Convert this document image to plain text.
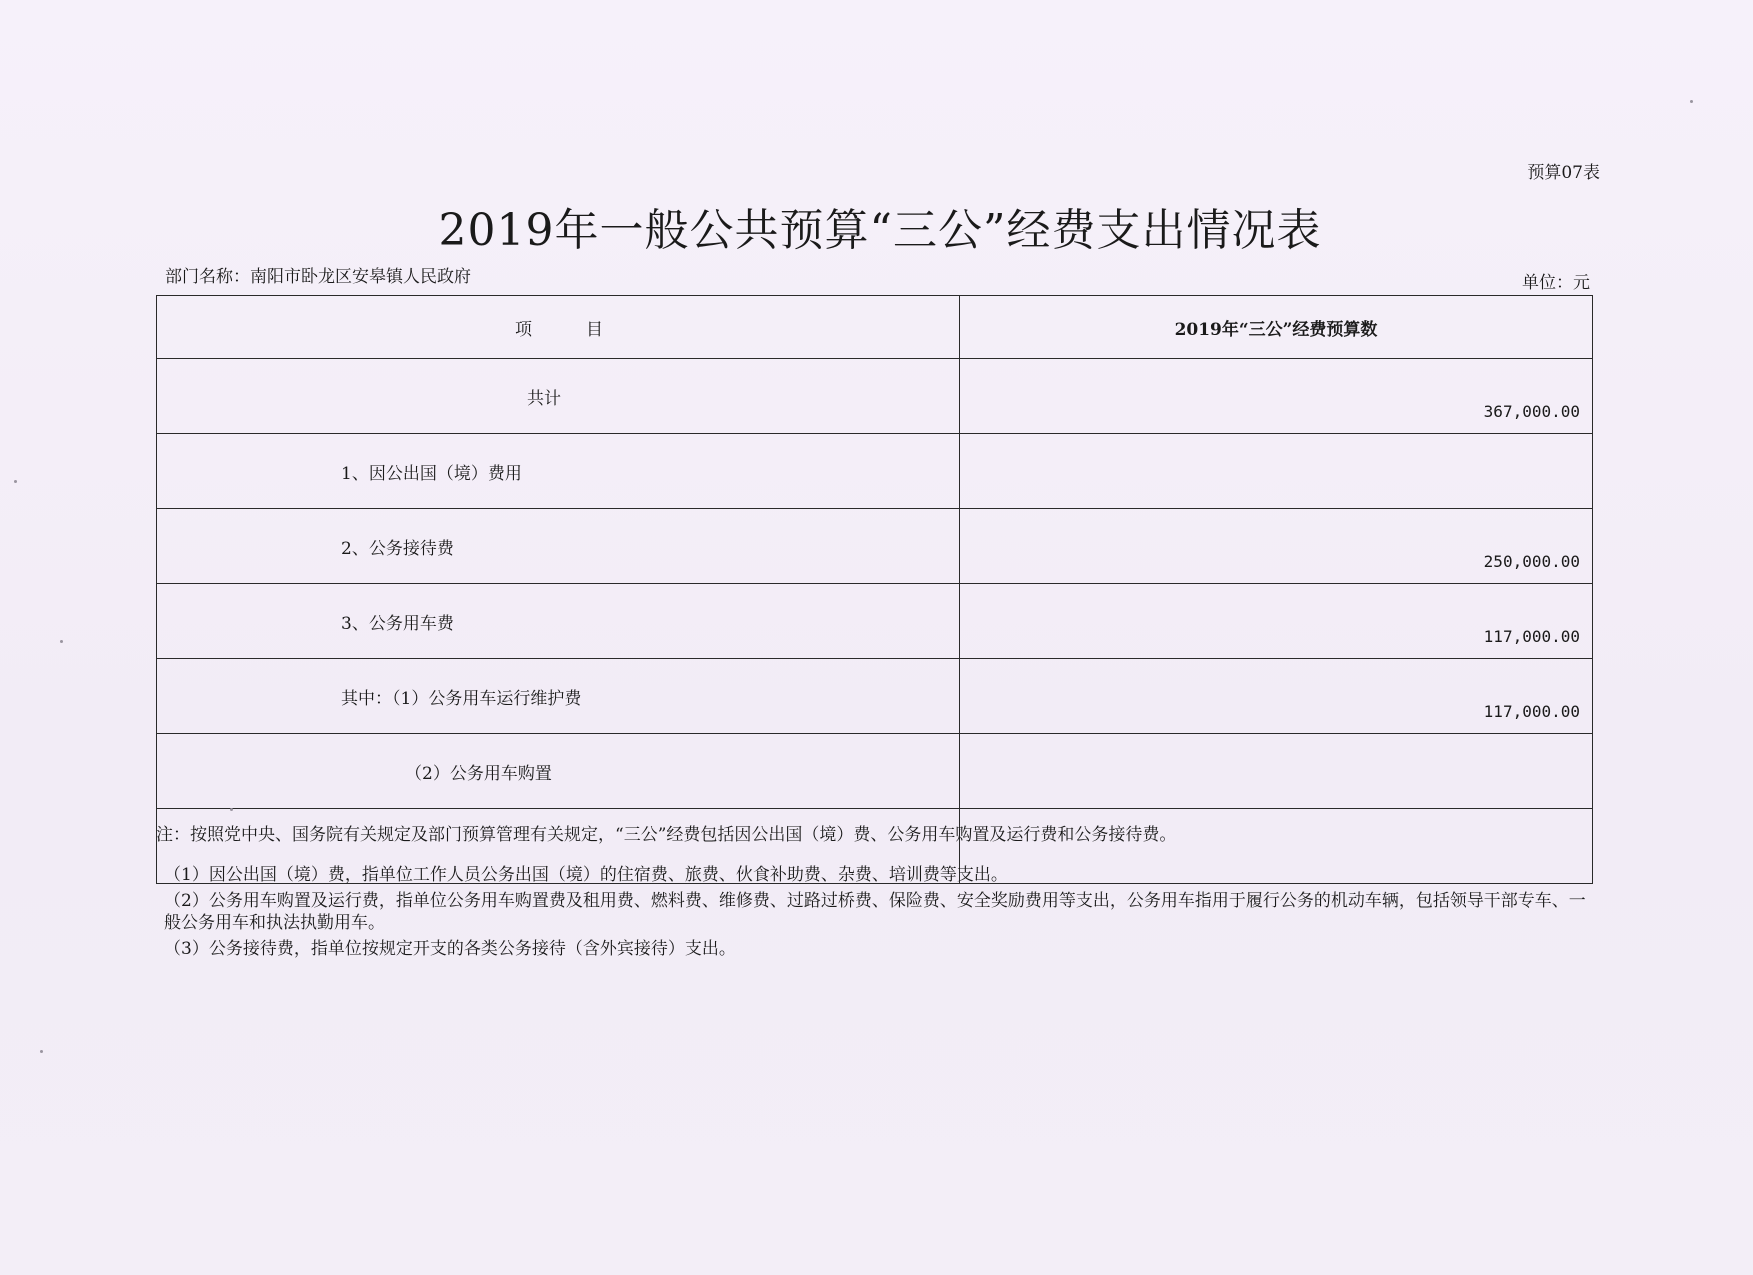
预算07表
2019年一般公共预算“三公”经费支出情况表
部门名称：南阳市卧龙区安皋镇人民政府	单位：元
项 目	2019年“三公”经费预算数
共计	367,000.00
1、因公出国（境）费用	
2、公务接待费	250,000.00
3、公务用车费	117,000.00
其中：（1）公务用车运行维护费	117,000.00
（2）公务用车购置	

注：按照党中央、国务院有关规定及部门预算管理有关规定，“三公”经费包括因公出国（境）费、公务用车购置及运行费和公务接待费。

（1）因公出国（境）费，指单位工作人员公务出国（境）的住宿费、旅费、伙食补助费、杂费、培训费等支出。

（2）公务用车购置及运行费，指单位公务用车购置费及租用费、燃料费、维修费、过路过桥费、保险费、安全奖励费用等支出，公务用车指用于履行公务的机动车辆，包括领导干部专车、一般公务用车和执法执勤用车。

（3）公务接待费，指单位按规定开支的各类公务接待（含外宾接待）支出。
